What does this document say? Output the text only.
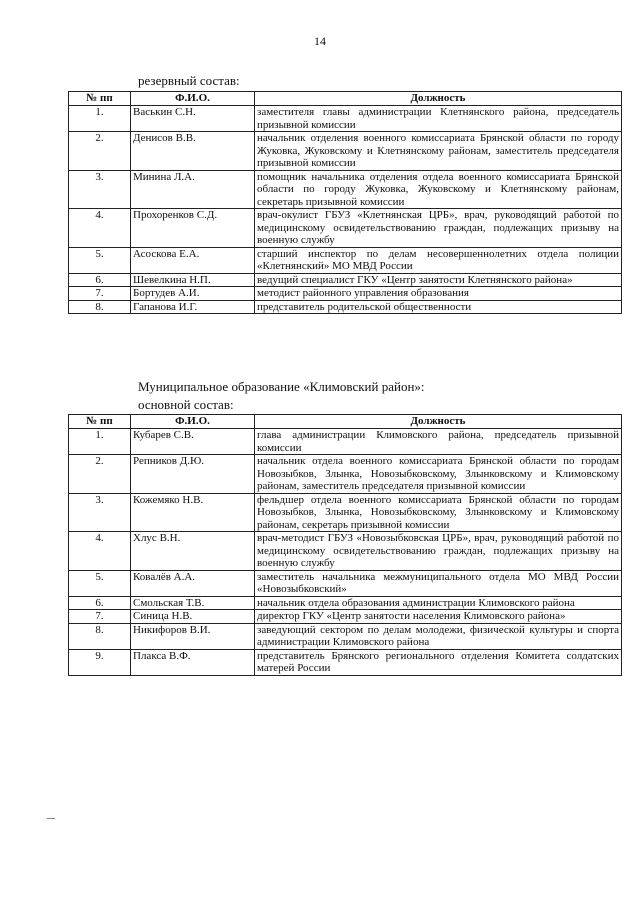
14
резервный состав:
№ пп	Ф.И.О.	Должность
1.	Васькин С.Н.	заместителя главы администрации Клетнянского района, председатель призывной комиссии
2.	Денисов В.В.	начальник отделения военного комиссариата Брянской области по городу Жуковка, Жуковскому и Клетнянскому районам, заместитель председателя призывной комиссии
3.	Минина Л.А.	помощник начальника отделения отдела военного комиссариата Брянской области по городу Жуковка, Жуковскому и Клетнянскому районам, секретарь призывной комиссии
4.	Прохоренков С.Д.	врач-окулист ГБУЗ «Клетнянская ЦРБ», врач, руководящий работой по медицинскому освидетельствованию граждан, подлежащих призыву на военную службу
5.	Асоскова Е.А.	старший инспектор по делам несовершеннолетних отдела полиции «Клетнянский» МО МВД России
6.	Шевелкина Н.П.	ведущий специалист ГКУ «Центр занятости Клетнянского района»
7.	Бортудев А.И.	методист районного управления образования
8.	Гапанова И.Г.	представитель родительской общественности
Муниципальное образование «Климовский район»:
основной состав:
№ пп	Ф.И.О.	Должность
1.	Кубарев С.В.	глава администрации Климовского района, председатель призывной комиссии
2.	Репников Д.Ю.	начальник отдела военного комиссариата Брянской области по городам Новозыбков, Злынка, Новозыбковскому, Злынковскому и Климовскому районам, заместитель председателя призывной комиссии
3.	Кожемяко Н.В.	фельдшер отдела военного комиссариата Брянской области по городам Новозыбков, Злынка, Новозыбковскому, Злынковскому и Климовскому районам, секретарь призывной комиссии
4.	Хлус В.Н.	врач-методист ГБУЗ «Новозыбковская ЦРБ», врач, руководящий работой по медицинскому освидетельствованию граждан, подлежащих призыву на военную службу
5.	Ковалёв А.А.	заместитель начальника межмуниципального отдела МО МВД России «Новозыбковский»
6.	Смольская Т.В.	начальник отдела образования администрации Климовского района
7.	Синица Н.В.	директор ГКУ «Центр занятости населения Климовского района»
8.	Никифоров В.И.	заведующий сектором по делам молодежи, физической культуры и спорта администрации Климовского района
9.	Плакса В.Ф.	представитель Брянского регионального отделения Комитета солдатских матерей России
